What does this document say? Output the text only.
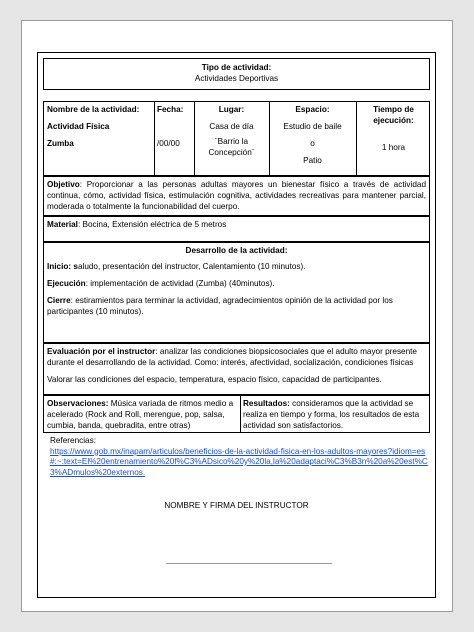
Tipo de actividad:
Actividades Deportivas
Nombre de la actividad:
Actividad Física
Zumba
Fecha:
/00/00
Lugar:
Casa de día
¨Barrio la Concepción¨
Espacio:
Estudio de baile
o
Patio
Tiempo de ejecución:
1 hora
Objetivo: Proporcionar a las personas adultas mayores un bienestar físico a través de actividad continua, cómo, actividad física, estimulación cognitiva, actividades recreativas para mantener parcial, moderada o totalmente la funcionabilidad del cuerpo.
Material: Bocina, Extensión eléctrica de 5 metros
Desarrollo de la actividad:

Inicio: saludo, presentación del instructor, Calentamiento (10 minutos).

Ejecución: implementación de actividad (Zumba) (40minutos).

Cierre: estiramientos para terminar la actividad, agradecimientos opinión de la actividad por los participantes (10 minutos).

Evaluación por el instructor: analizar las condiciones biopsicosociales que el adulto mayor presente durante el desarrollando de la actividad. Como: interés, afectividad, socialización, condiciones físicas

Valorar las condiciones del espacio, temperatura, espacio físico, capacidad de participantes.

Observaciones: Música variada de ritmos medio a acelerado (Rock and Roll, merengue, pop, salsa, cumbia, banda, quebradita, entre otras)
Resultados: consideramos que la actividad se realiza en tiempo y forma, los resultados de esta actividad son satisfactorios.
Referencias:
https://www.gob.mx/inapam/articulos/beneficios-de-la-actividad-fisica-en-los-adultos-mayores?idiom=es#:~:text=El%20entrenamiento%20f%C3%ADsico%20y%20la,la%20adaptaci%C3%B3n%20a%20est%C3%ADmulos%20externos.
NOMBRE Y FIRMA DEL INSTRUCTOR
